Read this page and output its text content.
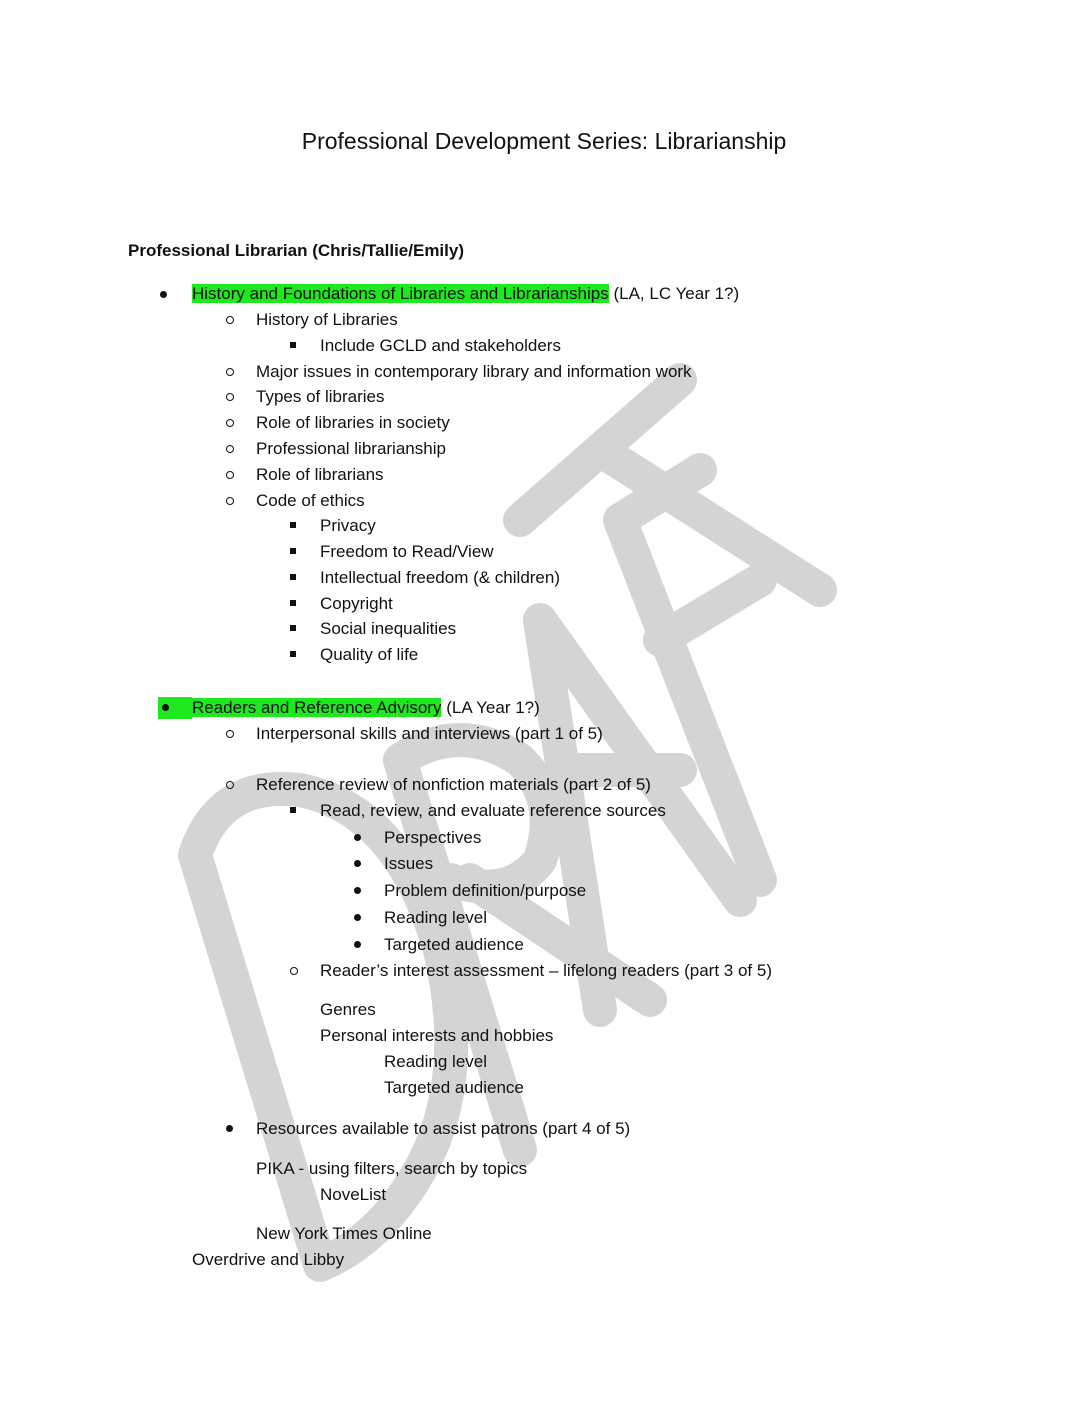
Professional Development Series: Librarianship
Professional Librarian (Chris/Tallie/Emily)
History and Foundations of Libraries and Librarianships (LA, LC Year 1?)
History of Libraries
Include GCLD and stakeholders
Major issues in contemporary library and information work
Types of libraries
Role of libraries in society
Professional librarianship
Role of librarians
Code of ethics
Privacy
Freedom to Read/View
Intellectual freedom (& children)
Copyright
Social inequalities
Quality of life
Readers and Reference Advisory (LA Year 1?)
Interpersonal skills and interviews (part 1 of 5)
Reference review of nonfiction materials (part 2 of 5)
Read, review, and evaluate reference sources
Perspectives
Issues
Problem definition/purpose
Reading level
Targeted audience
Reader’s interest assessment – lifelong readers (part 3 of 5)
Genres
Personal interests and hobbies
Reading level
Targeted audience
Resources available to assist patrons (part 4 of 5)
PIKA - using filters, search by topics
NoveList
New York Times Online
Overdrive and Libby
